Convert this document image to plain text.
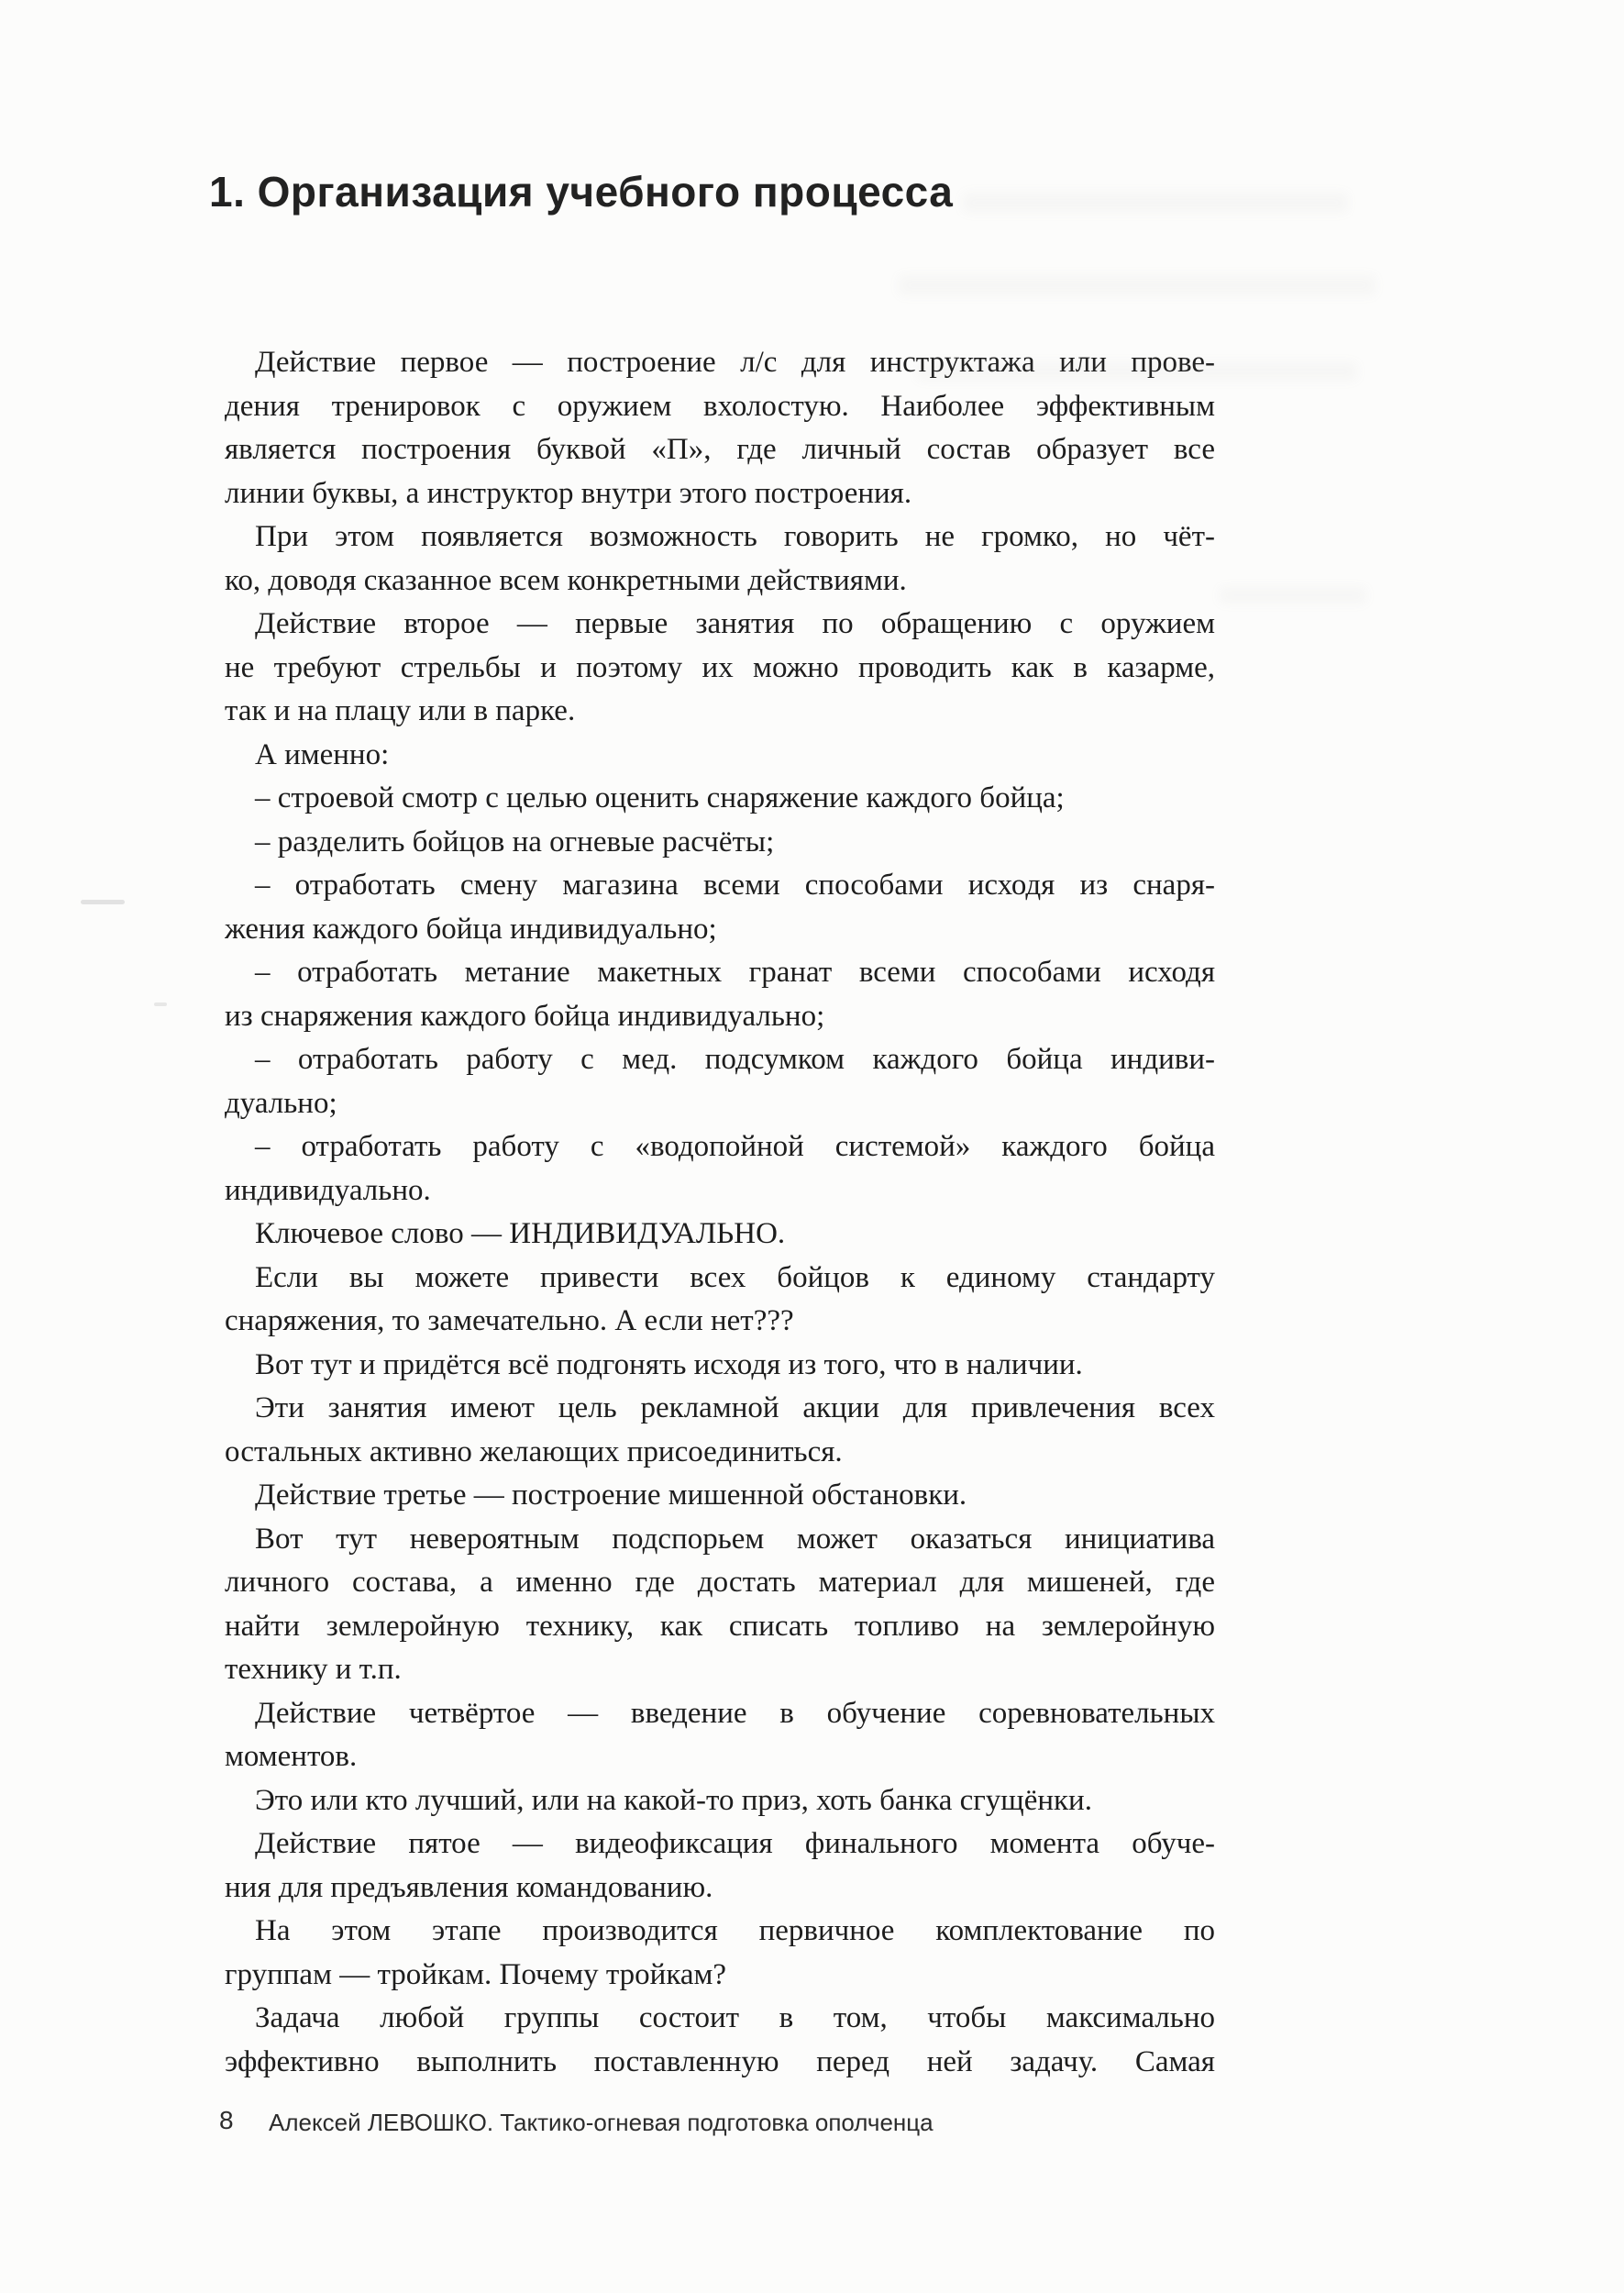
1. Организация учебного процесса
Действие первое — построение л/с для инструктажа или прове-
дения тренировок с оружием вхолостую. Наиболее эффективным
является построения буквой «П», где личный состав образует все
линии буквы, а инструктор внутри этого построения.
При этом появляется возможность говорить не громко, но чёт-
ко, доводя сказанное всем конкретными действиями.
Действие второе — первые занятия по обращению с оружием
не требуют стрельбы и поэтому их можно проводить как в казарме,
так и на плацу или в парке.
А именно:
– строевой смотр с целью оценить снаряжение каждого бойца;
– разделить бойцов на огневые расчёты;
– отработать смену магазина всеми способами исходя из снаря-
жения каждого бойца индивидуально;
– отработать метание макетных гранат всеми способами исходя
из снаряжения каждого бойца индивидуально;
– отработать работу с мед. подсумком каждого бойца индиви-
дуально;
– отработать работу с «водопойной системой» каждого бойца
индивидуально.
Ключевое слово — ИНДИВИДУАЛЬНО.
Если вы можете привести всех бойцов к единому стандарту
снаряжения, то замечательно. А если нет???
Вот тут и придётся всё подгонять исходя из того, что в наличии.
Эти занятия имеют цель рекламной акции для привлечения всех
остальных активно желающих присоединиться.
Действие третье — построение мишенной обстановки.
Вот тут невероятным подспорьем может оказаться инициатива
личного состава, а именно где достать материал для мишеней, где
найти землеройную технику, как списать топливо на землеройную
технику и т.п.
Действие четвёртое — введение в обучение соревновательных
моментов.
Это или кто лучший, или на какой-то приз, хоть банка сгущёнки.
Действие пятое — видеофиксация финального момента обуче-
ния для предъявления командованию.
На этом этапе производится первичное комплектование по
группам — тройкам. Почему тройкам?
Задача любой группы состоит в том, чтобы максимально
эффективно выполнить поставленную перед ней задачу. Самая
8 Алексей ЛЕВОШКО. Тактико-огневая подготовка ополченца
